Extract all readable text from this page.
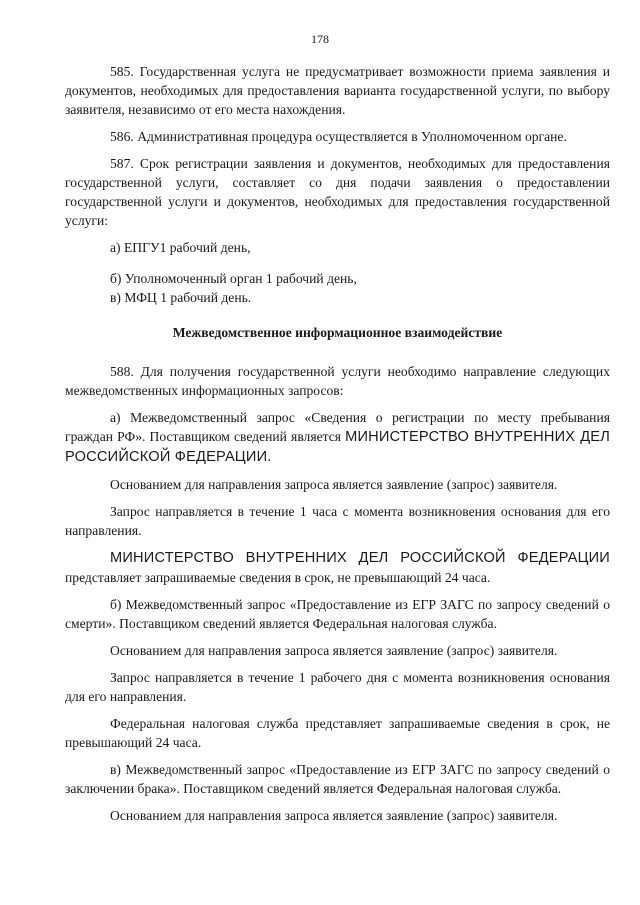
178

585. Государственная услуга не предусматривает возможности приема заявления и документов, необходимых для предоставления варианта государственной услуги, по выбору заявителя, независимо от его места нахождения.

586. Административная процедура осуществляется в Уполномоченном органе.

587. Срок регистрации заявления и документов, необходимых для предоставления государственной услуги, составляет со дня подачи заявления о предоставлении государственной услуги и документов, необходимых для предоставления государственной услуги:

а) ЕПГУ1 рабочий день,

б) Уполномоченный орган 1 рабочий день,

в) МФЦ 1 рабочий день.

Межведомственное информационное взаимодействие

588. Для получения государственной услуги необходимо направление следующих межведомственных информационных запросов:

а) Межведомственный запрос «Сведения о регистрации по месту пребывания граждан РФ». Поставщиком сведений является МИНИСТЕРСТВО ВНУТРЕННИХ ДЕЛ РОССИЙСКОЙ ФЕДЕРАЦИИ.

Основанием для направления запроса является заявление (запрос) заявителя.

Запрос направляется в течение 1 часа с момента возникновения основания для его направления.

МИНИСТЕРСТВО ВНУТРЕННИХ ДЕЛ РОССИЙСКОЙ ФЕДЕРАЦИИ представляет запрашиваемые сведения в срок, не превышающий 24 часа.

б) Межведомственный запрос «Предоставление из ЕГР ЗАГС по запросу сведений о смерти». Поставщиком сведений является Федеральная налоговая служба.

Основанием для направления запроса является заявление (запрос) заявителя.

Запрос направляется в течение 1 рабочего дня с момента возникновения основания для его направления.

Федеральная налоговая служба представляет запрашиваемые сведения в срок, не превышающий 24 часа.

в) Межведомственный запрос «Предоставление из ЕГР ЗАГС по запросу сведений о заключении брака». Поставщиком сведений является Федеральная налоговая служба.

Основанием для направления запроса является заявление (запрос) заявителя.
